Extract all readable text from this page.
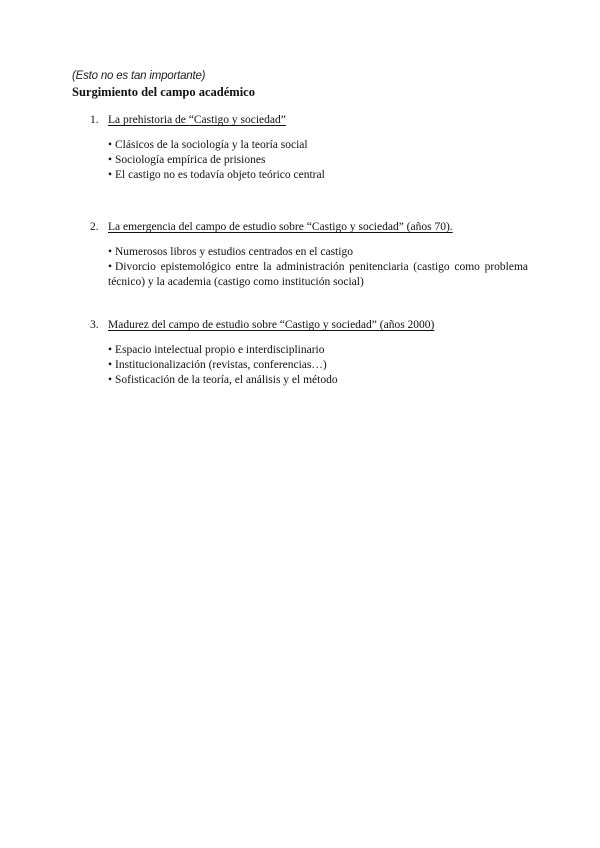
(Esto no es tan importante)
Surgimiento del campo académico
1. La prehistoria de “Castigo y sociedad”
• Clásicos de la sociología y la teoría social
• Sociología empírica de prisiones
• El castigo no es todavía objeto teórico central
2. La emergencia del campo de estudio sobre “Castigo y sociedad” (años 70).
• Numerosos libros y estudios centrados en el castigo
• Divorcio epistemológico entre la administración penitenciaria (castigo como problema técnico) y la academia (castigo como institución social)
3. Madurez del campo de estudio sobre “Castigo y sociedad” (años 2000)
• Espacio intelectual propio e interdisciplinario
• Institucionalización (revistas, conferencias…)
• Sofisticación de la teoría, el análisis y el método
